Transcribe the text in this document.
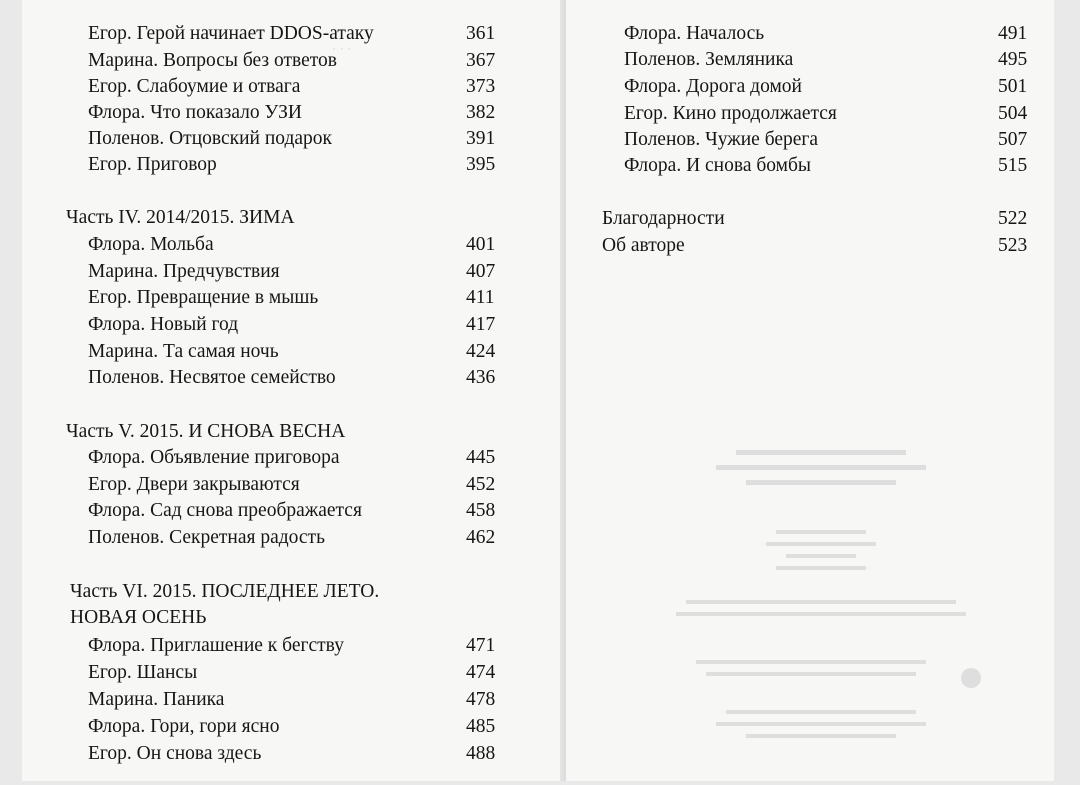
· · ·
Егор. Герой начинает DDOS-атаку	361
Марина. Вопросы без ответов	367
Егор. Слабоумие и отвага	373
Флора. Что показало УЗИ	382
Поленов. Отцовский подарок	391
Егор. Приговор	395
Часть IV. 2014/2015. ЗИМА
Флора. Мольба	401
Марина. Предчувствия	407
Егор. Превращение в мышь	411
Флора. Новый год	417
Марина. Та самая ночь	424
Поленов. Несвятое семейство	436
Часть V. 2015. И СНОВА ВЕСНА
Флора. Объявление приговора	445
Егор. Двери закрываются	452
Флора. Сад снова преображается	458
Поленов. Секретная радость	462
Часть VI. 2015. ПОСЛЕДНЕЕ ЛЕТО.
НОВАЯ ОСЕНЬ
Флора. Приглашение к бегству	471
Егор. Шансы	474
Марина. Паника	478
Флора. Гори, гори ясно	485
Егор. Он снова здесь	488
Флора. Началось	491
Поленов. Земляника	495
Флора. Дорога домой	501
Егор. Кино продолжается	504
Поленов. Чужие берега	507
Флора. И снова бомбы	515
Благодарности	522
Об авторе	523
